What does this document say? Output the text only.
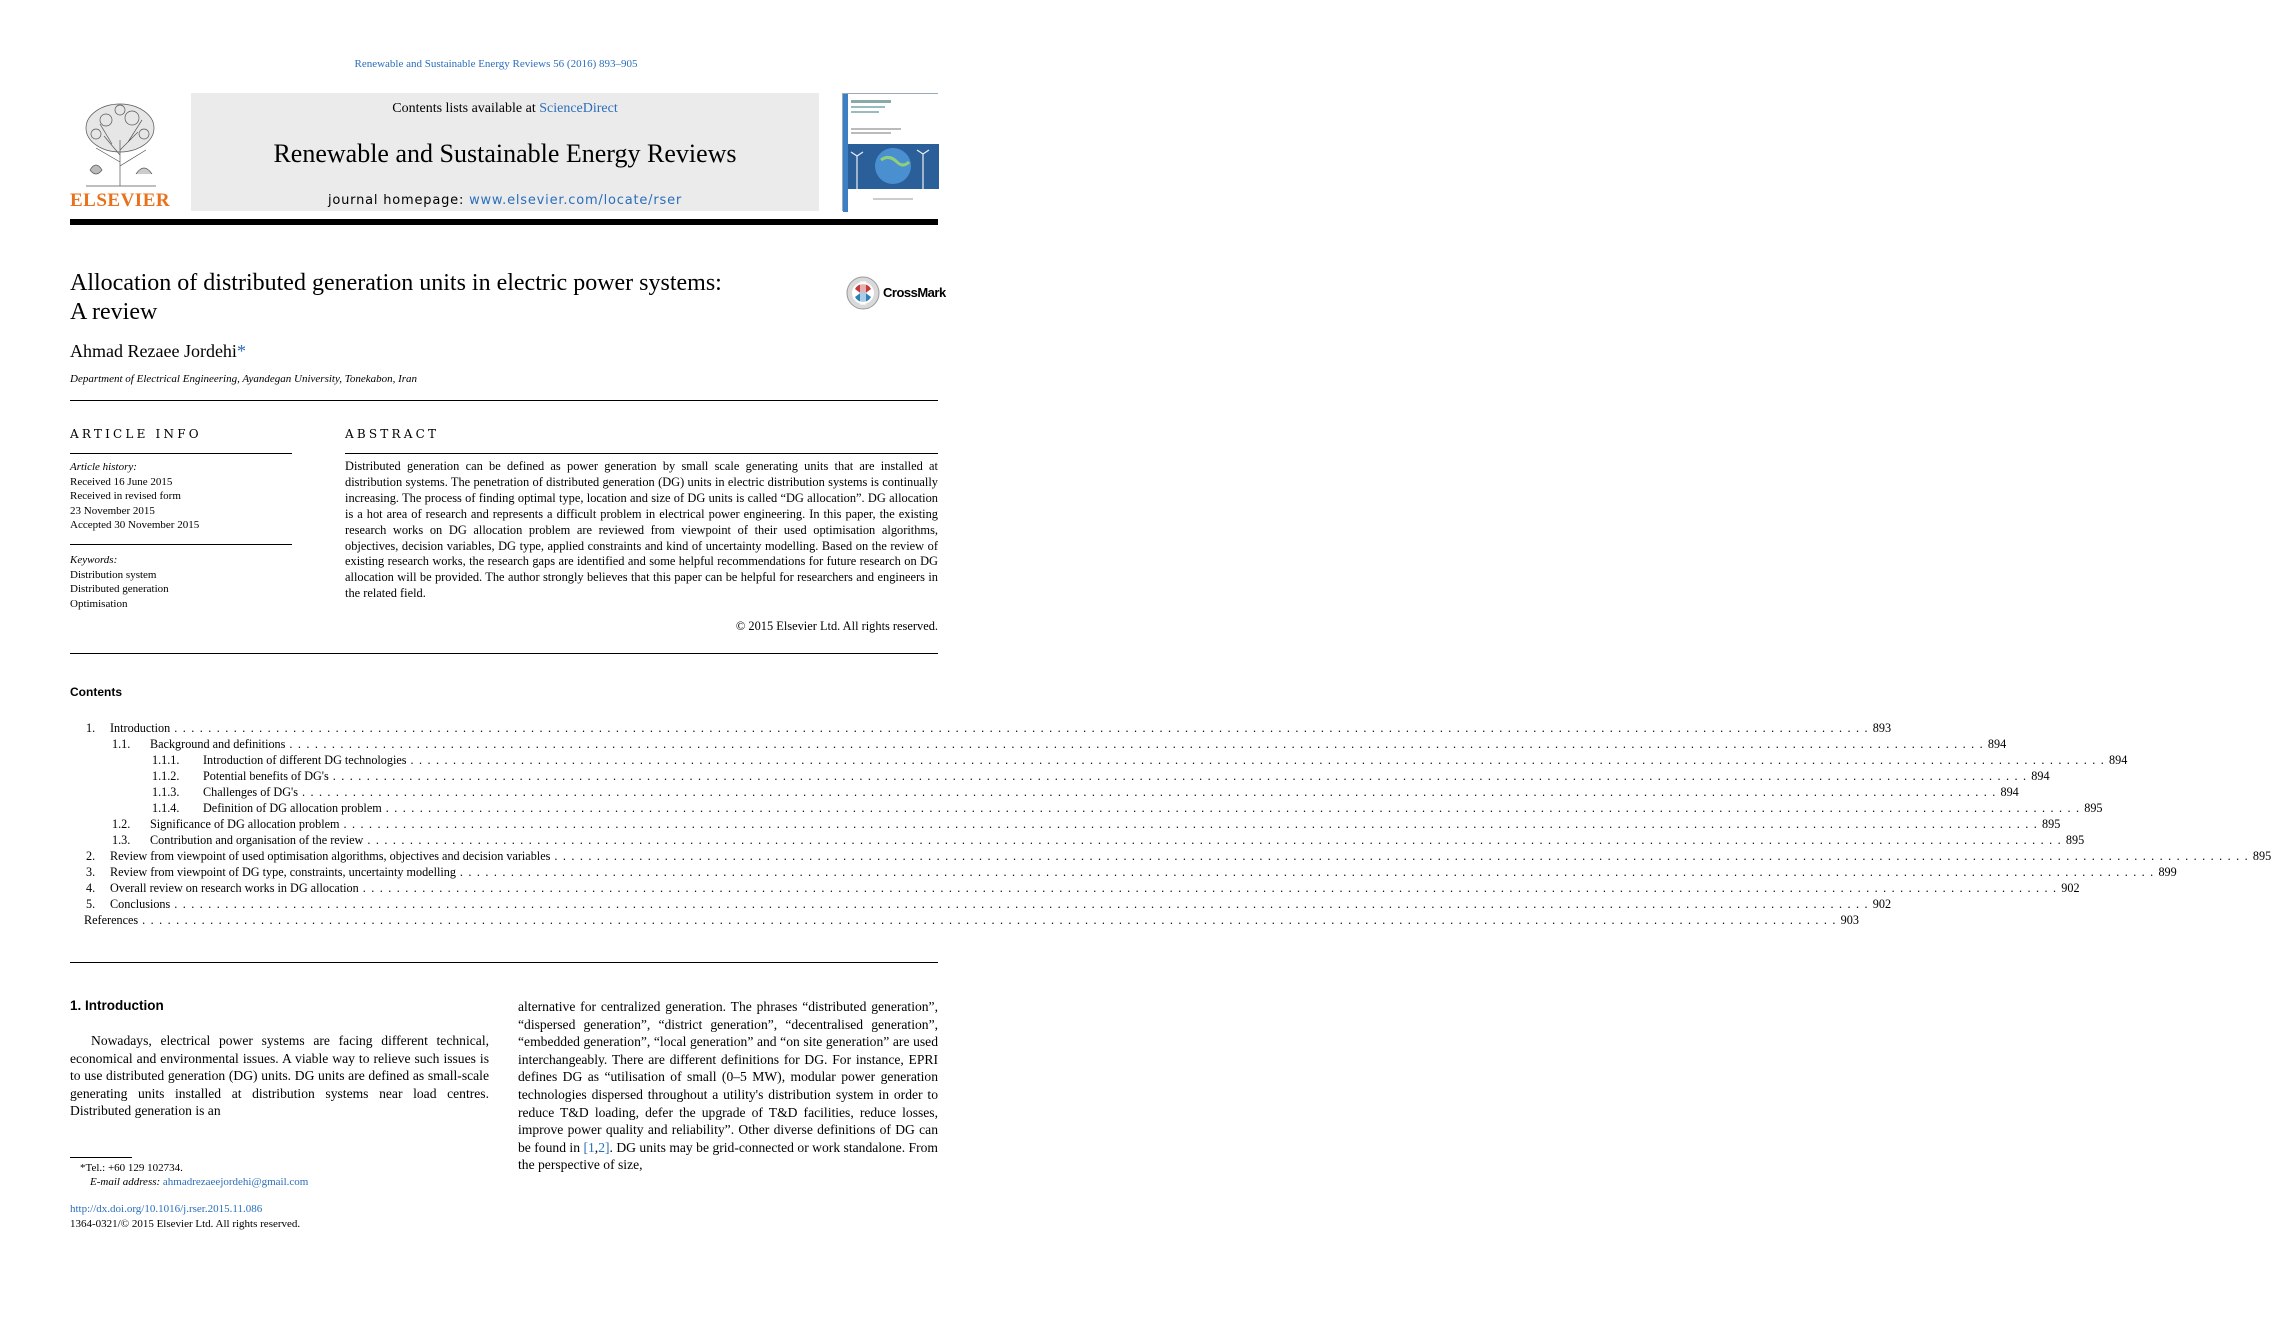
Renewable and Sustainable Energy Reviews 56 (2016) 893–905
ELSEVIER
Contents lists available at ScienceDirect
Renewable and Sustainable Energy Reviews
journal homepage: www.elsevier.com/locate/rser
Allocation of distributed generation units in electric power systems:
A review
CrossMark
Ahmad Rezaee Jordehi*
Department of Electrical Engineering, Ayandegan University, Tonekabon, Iran
ARTICLE INFO
Article history:
Received 16 June 2015
Received in revised form
23 November 2015
Accepted 30 November 2015
Keywords:
Distribution system
Distributed generation
Optimisation
ABSTRACT
Distributed generation can be defined as power generation by small scale generating units that are installed at distribution systems. The penetration of distributed generation (DG) units in electric distribution systems is continually increasing. The process of finding optimal type, location and size of DG units is called “DG allocation”. DG allocation is a hot area of research and represents a difficult problem in electrical power engineering. In this paper, the existing research works on DG allocation problem are reviewed from viewpoint of their used optimisation algorithms, objectives, decision variables, DG type, applied constraints and kind of uncertainty modelling. Based on the review of existing research works, the research gaps are identified and some helpful recommendations for future research on DG allocation will be provided. The author strongly believes that this paper can be helpful for researchers and engineers in the related field.
© 2015 Elsevier Ltd. All rights reserved.
Contents
1. Introduction . . . . . . . . . . . . . . . . . . . . . . . . . . . . . . . . . . . . . . . . . . . . . . . . . . . . . . . . . . . . . . . . . . . . . . . . . . . . . . . . . . . . . . . . . . . . . . . . . . . . . . . . . . . . . . . . . . . . . . . . . . . . . . . . . . . . . . . . . . . . . . . . . . . . . . . . . . . . . . . . . . . . . . . . . . . . . . . . . . . . . . . . . . . . . . . . . . . . . . . . 893
1.1. Background and definitions . . . . . . . . . . . . . . . . . . . . . . . . . . . . . . . . . . . . . . . . . . . . . . . . . . . . . . . . . . . . . . . . . . . . . . . . . . . . . . . . . . . . . . . . . . . . . . . . . . . . . . . . . . . . . . . . . . . . . . . . . . . . . . . . . . . . . . . . . . . . . . . . . . . . . . . . . . . . . . . . . . . . . . . . . . . . . . . . . . . . . . . . . . . . . . . . . . . . . . . . 894
1.1.1. Introduction of different DG technologies . . . . . . . . . . . . . . . . . . . . . . . . . . . . . . . . . . . . . . . . . . . . . . . . . . . . . . . . . . . . . . . . . . . . . . . . . . . . . . . . . . . . . . . . . . . . . . . . . . . . . . . . . . . . . . . . . . . . . . . . . . . . . . . . . . . . . . . . . . . . . . . . . . . . . . . . . . . . . . . . . . . . . . . . . . . . . . . . . . . . . . . . . . . . . . . . . . . . . . . . 894
1.1.2. Potential benefits of DG's . . . . . . . . . . . . . . . . . . . . . . . . . . . . . . . . . . . . . . . . . . . . . . . . . . . . . . . . . . . . . . . . . . . . . . . . . . . . . . . . . . . . . . . . . . . . . . . . . . . . . . . . . . . . . . . . . . . . . . . . . . . . . . . . . . . . . . . . . . . . . . . . . . . . . . . . . . . . . . . . . . . . . . . . . . . . . . . . . . . . . . . . . . . . . . . . . . . . . . . . 894
1.1.3. Challenges of DG's . . . . . . . . . . . . . . . . . . . . . . . . . . . . . . . . . . . . . . . . . . . . . . . . . . . . . . . . . . . . . . . . . . . . . . . . . . . . . . . . . . . . . . . . . . . . . . . . . . . . . . . . . . . . . . . . . . . . . . . . . . . . . . . . . . . . . . . . . . . . . . . . . . . . . . . . . . . . . . . . . . . . . . . . . . . . . . . . . . . . . . . . . . . . . . . . . . . . . . . . 894
1.1.4. Definition of DG allocation problem . . . . . . . . . . . . . . . . . . . . . . . . . . . . . . . . . . . . . . . . . . . . . . . . . . . . . . . . . . . . . . . . . . . . . . . . . . . . . . . . . . . . . . . . . . . . . . . . . . . . . . . . . . . . . . . . . . . . . . . . . . . . . . . . . . . . . . . . . . . . . . . . . . . . . . . . . . . . . . . . . . . . . . . . . . . . . . . . . . . . . . . . . . . . . . . . . . . . . . . . 895
1.2. Significance of DG allocation problem . . . . . . . . . . . . . . . . . . . . . . . . . . . . . . . . . . . . . . . . . . . . . . . . . . . . . . . . . . . . . . . . . . . . . . . . . . . . . . . . . . . . . . . . . . . . . . . . . . . . . . . . . . . . . . . . . . . . . . . . . . . . . . . . . . . . . . . . . . . . . . . . . . . . . . . . . . . . . . . . . . . . . . . . . . . . . . . . . . . . . . . . . . . . . . . . . . . . . . . . 895
1.3. Contribution and organisation of the review . . . . . . . . . . . . . . . . . . . . . . . . . . . . . . . . . . . . . . . . . . . . . . . . . . . . . . . . . . . . . . . . . . . . . . . . . . . . . . . . . . . . . . . . . . . . . . . . . . . . . . . . . . . . . . . . . . . . . . . . . . . . . . . . . . . . . . . . . . . . . . . . . . . . . . . . . . . . . . . . . . . . . . . . . . . . . . . . . . . . . . . . . . . . . . . . . . . . . . . . 895
2. Review from viewpoint of used optimisation algorithms, objectives and decision variables . . . . . . . . . . . . . . . . . . . . . . . . . . . . . . . . . . . . . . . . . . . . . . . . . . . . . . . . . . . . . . . . . . . . . . . . . . . . . . . . . . . . . . . . . . . . . . . . . . . . . . . . . . . . . . . . . . . . . . . . . . . . . . . . . . . . . . . . . . . . . . . . . . . . . . . . . . . . . . . . . . . . . . . . . . . . . . . . . . . . . . . . . . . . . . . . . . . . . . . . 895
3. Review from viewpoint of DG type, constraints, uncertainty modelling . . . . . . . . . . . . . . . . . . . . . . . . . . . . . . . . . . . . . . . . . . . . . . . . . . . . . . . . . . . . . . . . . . . . . . . . . . . . . . . . . . . . . . . . . . . . . . . . . . . . . . . . . . . . . . . . . . . . . . . . . . . . . . . . . . . . . . . . . . . . . . . . . . . . . . . . . . . . . . . . . . . . . . . . . . . . . . . . . . . . . . . . . . . . . . . . . . . . . . . . 899
4. Overall review on research works in DG allocation . . . . . . . . . . . . . . . . . . . . . . . . . . . . . . . . . . . . . . . . . . . . . . . . . . . . . . . . . . . . . . . . . . . . . . . . . . . . . . . . . . . . . . . . . . . . . . . . . . . . . . . . . . . . . . . . . . . . . . . . . . . . . . . . . . . . . . . . . . . . . . . . . . . . . . . . . . . . . . . . . . . . . . . . . . . . . . . . . . . . . . . . . . . . . . . . . . . . . . . . 902
5. Conclusions . . . . . . . . . . . . . . . . . . . . . . . . . . . . . . . . . . . . . . . . . . . . . . . . . . . . . . . . . . . . . . . . . . . . . . . . . . . . . . . . . . . . . . . . . . . . . . . . . . . . . . . . . . . . . . . . . . . . . . . . . . . . . . . . . . . . . . . . . . . . . . . . . . . . . . . . . . . . . . . . . . . . . . . . . . . . . . . . . . . . . . . . . . . . . . . . . . . . . . . . 902
References . . . . . . . . . . . . . . . . . . . . . . . . . . . . . . . . . . . . . . . . . . . . . . . . . . . . . . . . . . . . . . . . . . . . . . . . . . . . . . . . . . . . . . . . . . . . . . . . . . . . . . . . . . . . . . . . . . . . . . . . . . . . . . . . . . . . . . . . . . . . . . . . . . . . . . . . . . . . . . . . . . . . . . . . . . . . . . . . . . . . . . . . . . . . . . . . . . . . . . . . 903
1. Introduction
Nowadays, electrical power systems are facing different technical, economical and environmental issues. A viable way to relieve such issues is to use distributed generation (DG) units. DG units are defined as small-scale generating units installed at distribution systems near load centres. Distributed generation is an
alternative for centralized generation. The phrases “distributed generation”, “dispersed generation”, “district generation”, “decentralised generation”, “embedded generation”, “local generation” and “on site generation” are used interchangeably. There are different definitions for DG. For instance, EPRI defines DG as “utilisation of small (0–5 MW), modular power generation technologies dispersed throughout a utility's distribution system in order to reduce T&D loading, defer the upgrade of T&D facilities, reduce losses, improve power quality and reliability”. Other diverse definitions of DG can be found in [1,2]. DG units may be grid-connected or work standalone. From the perspective of size,
*Tel.: +60 129 102734.
E-mail address: ahmadrezaeejordehi@gmail.com
http://dx.doi.org/10.1016/j.rser.2015.11.086
1364-0321/© 2015 Elsevier Ltd. All rights reserved.
